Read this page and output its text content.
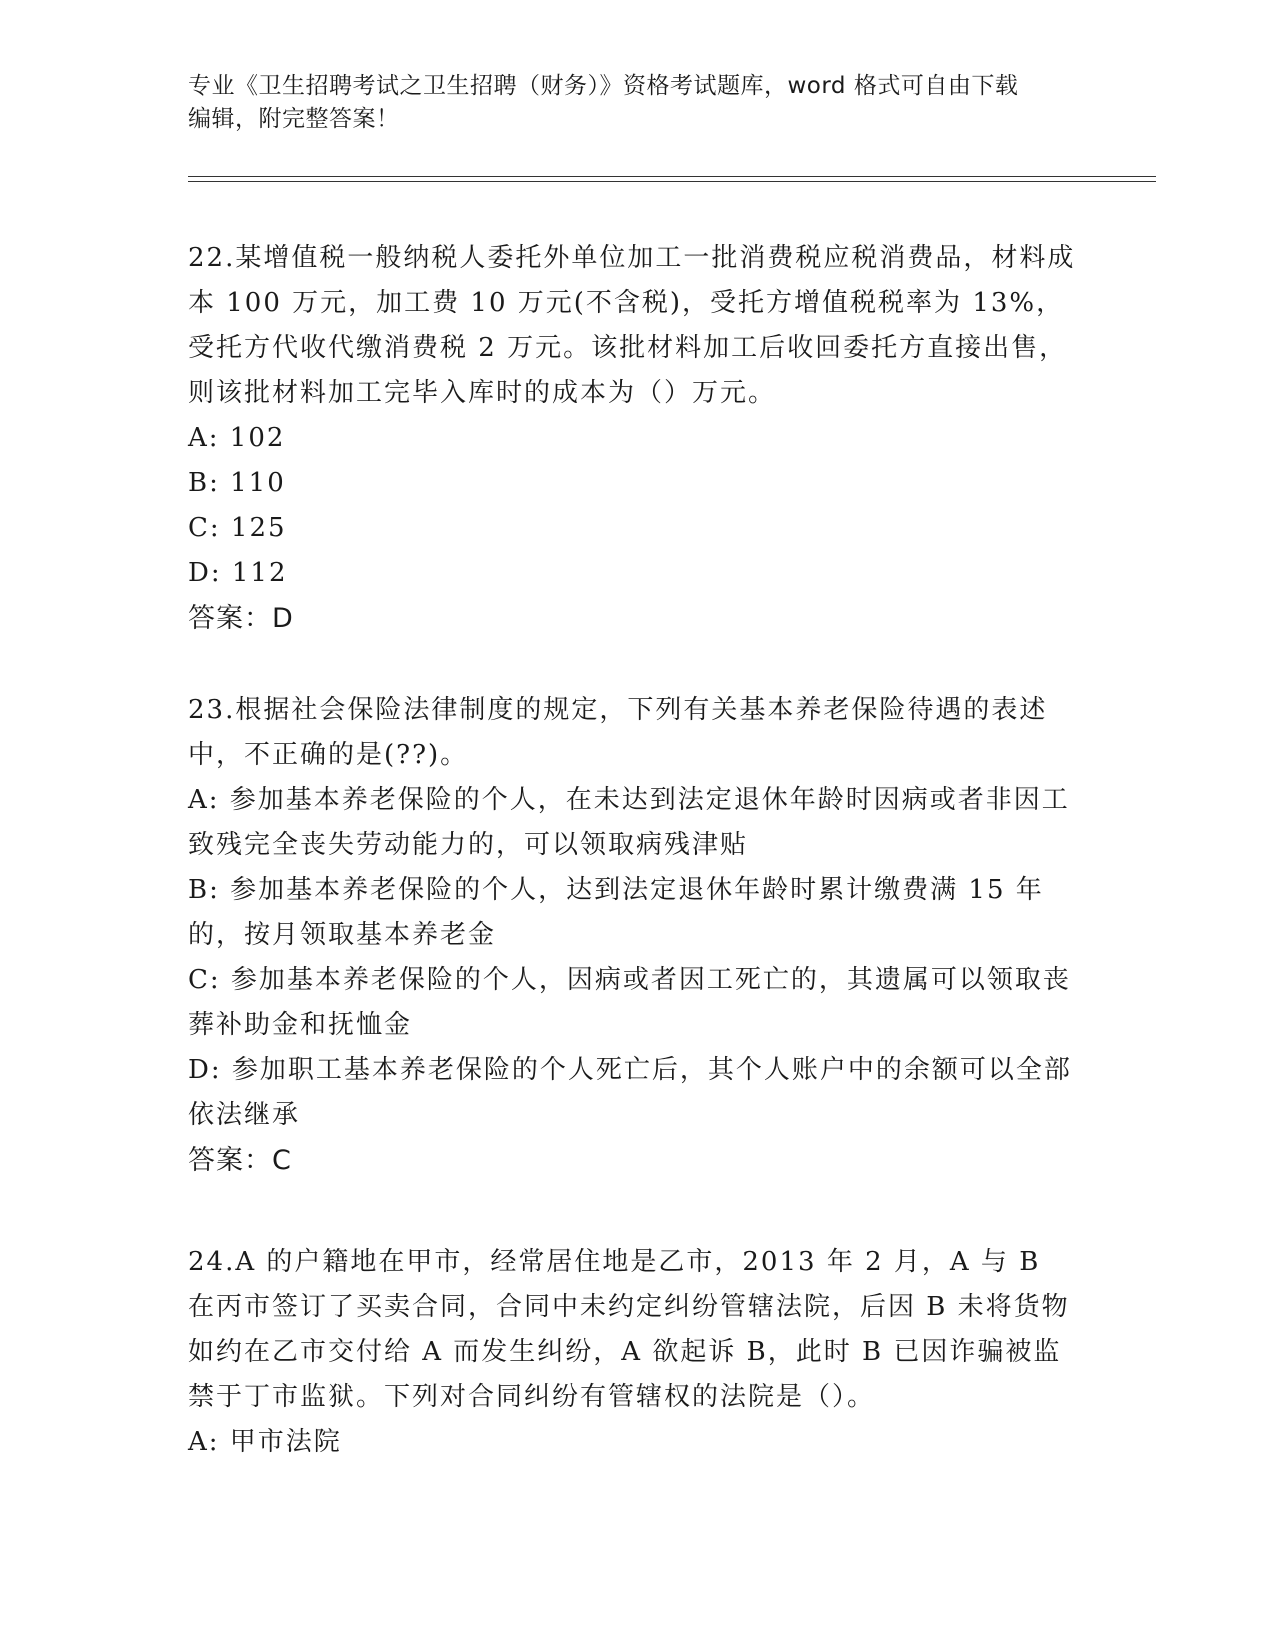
专业《卫生招聘考试之卫生招聘（财务）》资格考试题库，word 格式可自由下载
编辑，附完整答案！

22.某增值税一般纳税人委托外单位加工一批消费税应税消费品，材料成本 100 万元，加工费 10 万元(不含税)，受托方增值税税率为 13%，受托方代收代缴消费税 2 万元。该批材料加工后收回委托方直接出售，则该批材料加工完毕入库时的成本为（）万元。

A: 102

B: 110

C: 125

D: 112

答案：D

23.根据社会保险法律制度的规定，下列有关基本养老保险待遇的表述中，不正确的是(??)。

A: 参加基本养老保险的个人，在未达到法定退休年龄时因病或者非因工致残完全丧失劳动能力的，可以领取病残津贴

B: 参加基本养老保险的个人，达到法定退休年龄时累计缴费满 15 年的，按月领取基本养老金

C: 参加基本养老保险的个人，因病或者因工死亡的，其遗属可以领取丧葬补助金和抚恤金

D: 参加职工基本养老保险的个人死亡后，其个人账户中的余额可以全部依法继承

答案：C

24.A 的户籍地在甲市，经常居住地是乙市，2013 年 2 月，A 与 B 在丙市签订了买卖合同，合同中未约定纠纷管辖法院，后因 B 未将货物如约在乙市交付给 A 而发生纠纷，A 欲起诉 B，此时 B 已因诈骗被监禁于丁市监狱。下列对合同纠纷有管辖权的法院是（）。

A: 甲市法院
